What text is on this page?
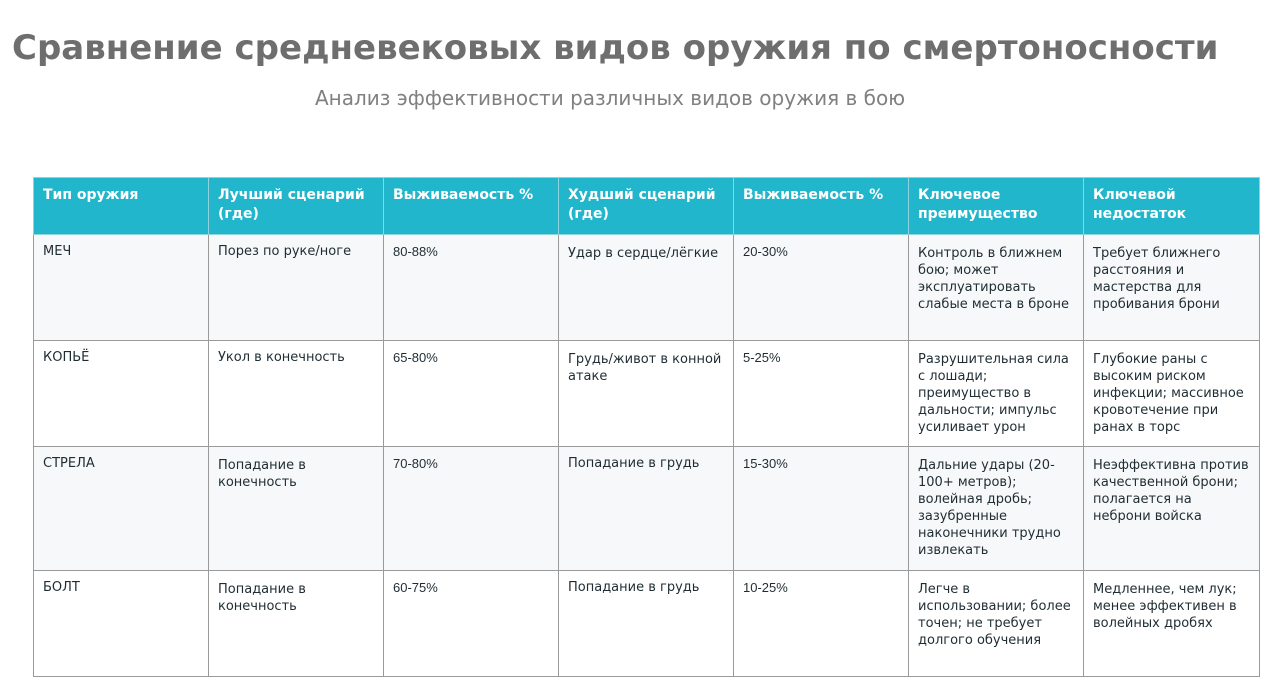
Сравнение средневековых видов оружия по смертоносности
Анализ эффективности различных видов оружия в бою
Тип оружия	Лучший сценарий (где)	Выживаемость %	Худший сценарий (где)	Выживаемость %	Ключевое преимущество	Ключевой недостаток
МЕЧ	Порез по руке/ноге	80-88%	Удар в сердце/лёгкие	20-30%	Контроль в ближнем бою; может эксплуатировать слабые места в броне	Требует ближнего расстояния и мастерства для пробивания брони

КОПЬЁ	Укол в конечность	65-80%	Грудь/живот в конной атаке	5-25%	Разрушительная сила с лошади; преимущество в дальности; импульс усиливает урон	Глубокие раны с высоким риском инфекции; массивное кровотечение при ранах в торс

СТРЕЛА	Попадание в конечность	70-80%	Попадание в грудь	15-30%	Дальние удары (20-100+ метров); волейная дробь; зазубренные наконечники трудно извлекать	Неэффективна против качественной брони; полагается на неброни войска

БОЛТ	Попадание в конечность	60-75%	Попадание в грудь	10-25%	Легче в использовании; более точен; не требует долгого обучения	Медленнее, чем лук; менее эффективен в волейных дробях
